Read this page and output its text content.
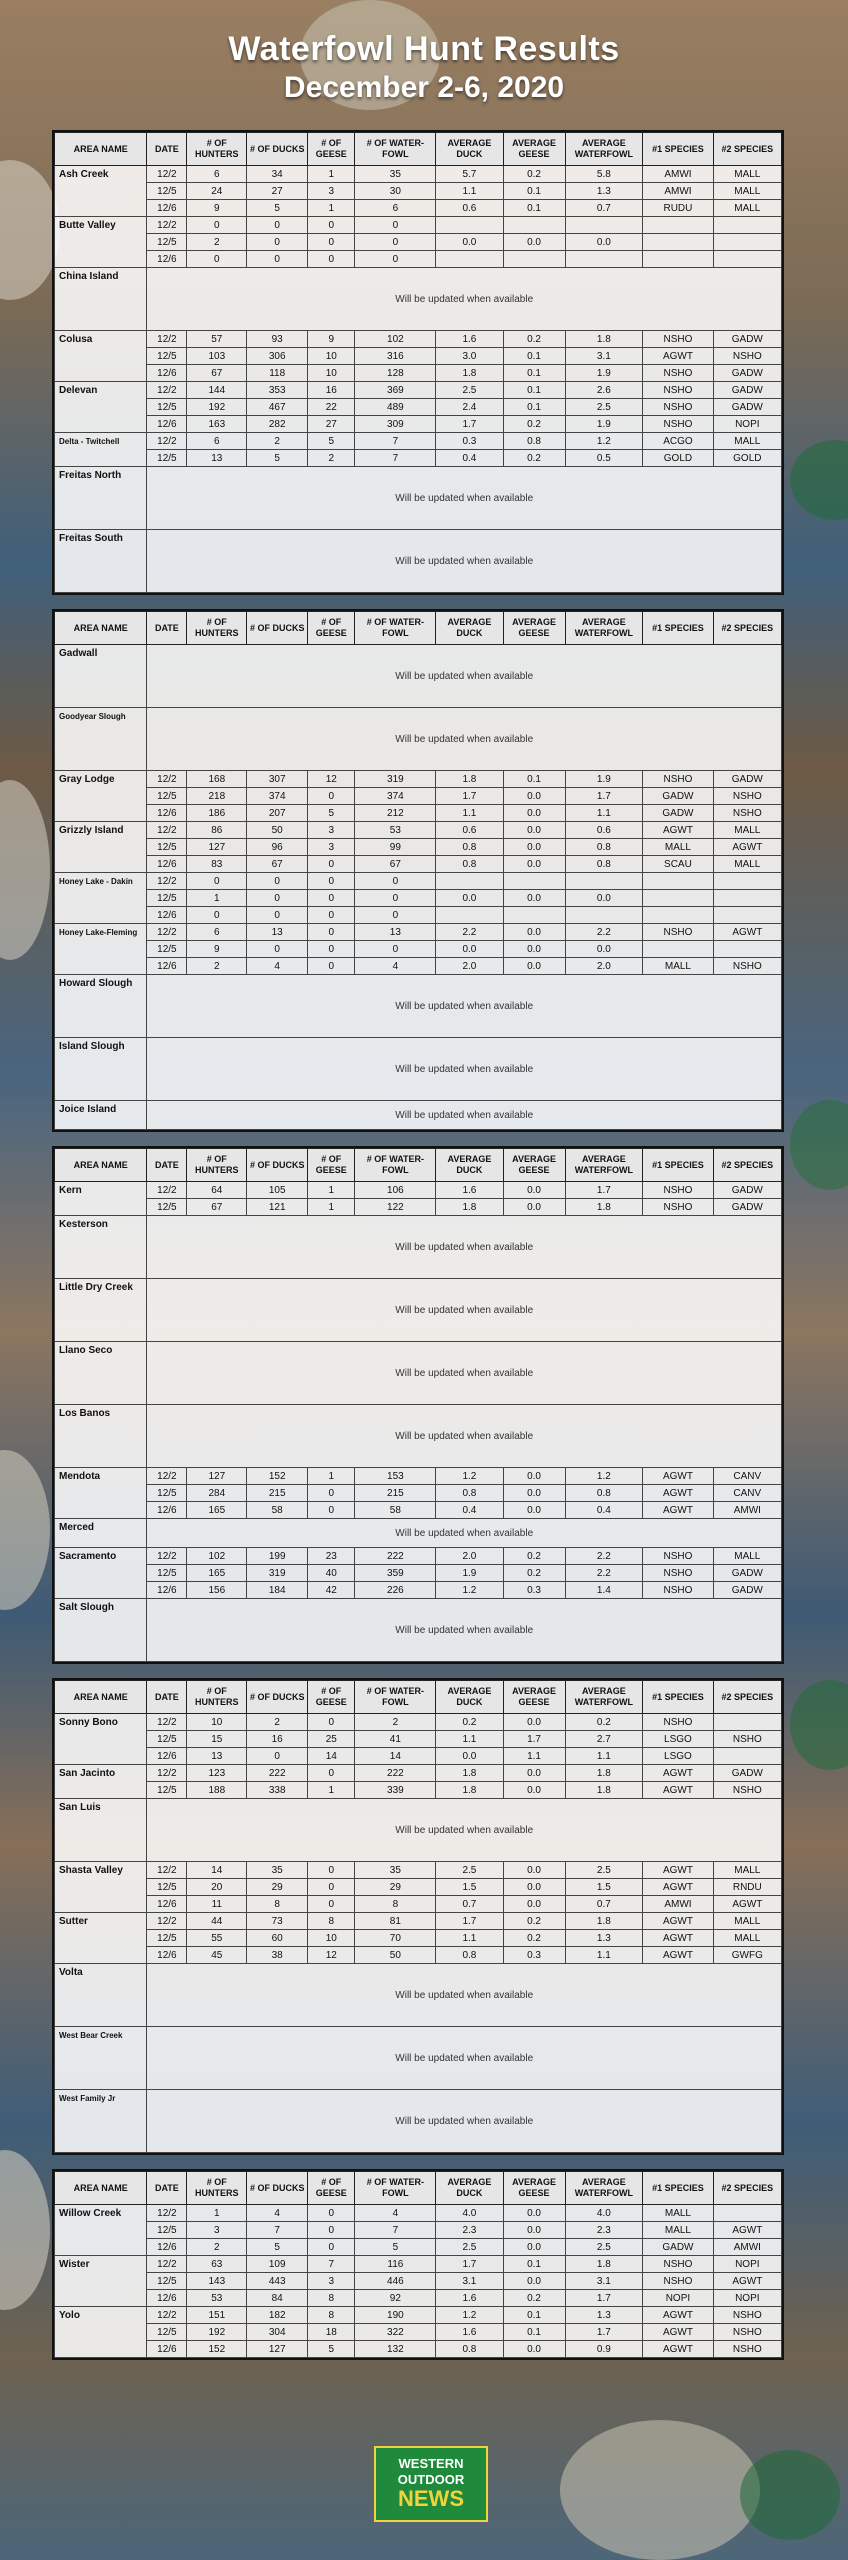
Waterfowl Hunt Results
December 2-6, 2020
AREA NAME	DATE	# OF HUNTERS	# OF DUCKS	# OF GEESE	# OF WATER-FOWL	AVERAGE DUCK	AVERAGE GEESE	AVERAGE WATERFOWL	#1 SPECIES	#2 SPECIES
Ash Creek	12/2	6	34	1	35	5.7	0.2	5.8	AMWI	MALL
	12/5	24	27	3	30	1.1	0.1	1.3	AMWI	MALL
	12/6	9	5	1	6	0.6	0.1	0.7	RUDU	MALL
Butte Valley	12/2	0	0	0	0					
	12/5	2	0	0	0	0.0	0.0	0.0		
	12/6	0	0	0	0					
China Island	Will be updated when available									
Colusa	12/2	57	93	9	102	1.6	0.2	1.8	NSHO	GADW
	12/5	103	306	10	316	3.0	0.1	3.1	AGWT	NSHO
	12/6	67	118	10	128	1.8	0.1	1.9	NSHO	GADW
Delevan	12/2	144	353	16	369	2.5	0.1	2.6	NSHO	GADW
	12/5	192	467	22	489	2.4	0.1	2.5	NSHO	GADW
	12/6	163	282	27	309	1.7	0.2	1.9	NSHO	NOPI
Delta - Twitchell	12/2	6	2	5	7	0.3	0.8	1.2	ACGO	MALL
	12/5	13	5	2	7	0.4	0.2	0.5	GOLD	GOLD
Freitas North	Will be updated when available									
Freitas South	Will be updated when available									
AREA NAME	DATE	# OF HUNTERS	# OF DUCKS	# OF GEESE	# OF WATER-FOWL	AVERAGE DUCK	AVERAGE GEESE	AVERAGE WATERFOWL	#1 SPECIES	#2 SPECIES
Gadwall	Will be updated when available									
Goodyear Slough	Will be updated when available									
Gray Lodge	12/2	168	307	12	319	1.8	0.1	1.9	NSHO	GADW
	12/5	218	374	0	374	1.7	0.0	1.7	GADW	NSHO
	12/6	186	207	5	212	1.1	0.0	1.1	GADW	NSHO
Grizzly Island	12/2	86	50	3	53	0.6	0.0	0.6	AGWT	MALL
	12/5	127	96	3	99	0.8	0.0	0.8	MALL	AGWT
	12/6	83	67	0	67	0.8	0.0	0.8	SCAU	MALL
Honey Lake - Dakin	12/2	0	0	0	0					
	12/5	1	0	0	0	0.0	0.0	0.0		
	12/6	0	0	0	0					
Honey Lake-Fleming	12/2	6	13	0	13	2.2	0.0	2.2	NSHO	AGWT
	12/5	9	0	0	0	0.0	0.0	0.0		
	12/6	2	4	0	4	2.0	0.0	2.0	MALL	NSHO
Howard Slough	Will be updated when available									
Island Slough	Will be updated when available									
Joice Island	Will be updated when available									
AREA NAME	DATE	# OF HUNTERS	# OF DUCKS	# OF GEESE	# OF WATER-FOWL	AVERAGE DUCK	AVERAGE GEESE	AVERAGE WATERFOWL	#1 SPECIES	#2 SPECIES
Kern	12/2	64	105	1	106	1.6	0.0	1.7	NSHO	GADW
	12/5	67	121	1	122	1.8	0.0	1.8	NSHO	GADW
Kesterson	Will be updated when available									
Little Dry Creek	Will be updated when available									
Llano Seco	Will be updated when available									
Los Banos	Will be updated when available									
Mendota	12/2	127	152	1	153	1.2	0.0	1.2	AGWT	CANV
	12/5	284	215	0	215	0.8	0.0	0.8	AGWT	CANV
	12/6	165	58	0	58	0.4	0.0	0.4	AGWT	AMWI
Merced	Will be updated when available									
Sacramento	12/2	102	199	23	222	2.0	0.2	2.2	NSHO	MALL
	12/5	165	319	40	359	1.9	0.2	2.2	NSHO	GADW
	12/6	156	184	42	226	1.2	0.3	1.4	NSHO	GADW
Salt Slough	Will be updated when available									
AREA NAME	DATE	# OF HUNTERS	# OF DUCKS	# OF GEESE	# OF WATER-FOWL	AVERAGE DUCK	AVERAGE GEESE	AVERAGE WATERFOWL	#1 SPECIES	#2 SPECIES
Sonny Bono	12/2	10	2	0	2	0.2	0.0	0.2	NSHO	
	12/5	15	16	25	41	1.1	1.7	2.7	LSGO	NSHO
	12/6	13	0	14	14	0.0	1.1	1.1	LSGO	
San Jacinto	12/2	123	222	0	222	1.8	0.0	1.8	AGWT	GADW
	12/5	188	338	1	339	1.8	0.0	1.8	AGWT	NSHO
San Luis	Will be updated when available									
Shasta Valley	12/2	14	35	0	35	2.5	0.0	2.5	AGWT	MALL
	12/5	20	29	0	29	1.5	0.0	1.5	AGWT	RNDU
	12/6	11	8	0	8	0.7	0.0	0.7	AMWI	AGWT
Sutter	12/2	44	73	8	81	1.7	0.2	1.8	AGWT	MALL
	12/5	55	60	10	70	1.1	0.2	1.3	AGWT	MALL
	12/6	45	38	12	50	0.8	0.3	1.1	AGWT	GWFG
Volta	Will be updated when available									
West Bear Creek	Will be updated when available									
West Family Jr	Will be updated when available									
AREA NAME	DATE	# OF HUNTERS	# OF DUCKS	# OF GEESE	# OF WATER-FOWL	AVERAGE DUCK	AVERAGE GEESE	AVERAGE WATERFOWL	#1 SPECIES	#2 SPECIES
Willow Creek	12/2	1	4	0	4	4.0	0.0	4.0	MALL	
	12/5	3	7	0	7	2.3	0.0	2.3	MALL	AGWT
	12/6	2	5	0	5	2.5	0.0	2.5	GADW	AMWI
Wister	12/2	63	109	7	116	1.7	0.1	1.8	NSHO	NOPI
	12/5	143	443	3	446	3.1	0.0	3.1	NSHO	AGWT
	12/6	53	84	8	92	1.6	0.2	1.7	NOPI	NOPI
Yolo	12/2	151	182	8	190	1.2	0.1	1.3	AGWT	NSHO
	12/5	192	304	18	322	1.6	0.1	1.7	AGWT	NSHO
	12/6	152	127	5	132	0.8	0.0	0.9	AGWT	NSHO
WESTERN
OUTDOOR
NEWS
